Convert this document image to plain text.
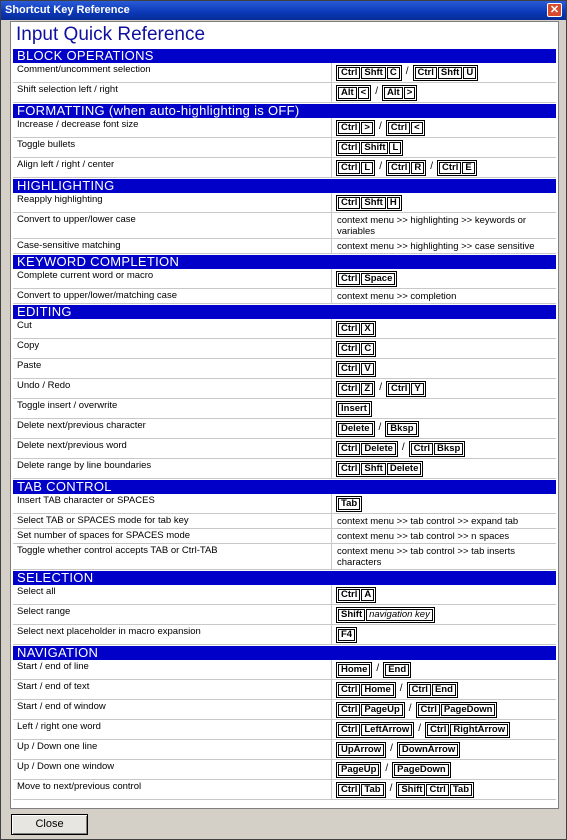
Shortcut Key Reference	✕
Input Quick Reference
BLOCK OPERATIONS
Comment/uncomment selection	Ctrl Shft C / Ctrl Shft U
Shift selection left / right	Alt < / Alt >
FORMATTING (when auto-highlighting is OFF)
Increase / decrease font size	Ctrl > / Ctrl <
Toggle bullets	Ctrl Shift L
Align left / right / center	Ctrl L / Ctrl R / Ctrl E
HIGHLIGHTING
Reapply highlighting	Ctrl Shft H
Convert to upper/lower case	context menu >> highlighting >> keywords or variables
Case-sensitive matching	context menu >> highlighting >> case sensitive
KEYWORD COMPLETION
Complete current word or macro	Ctrl Space
Convert to upper/lower/matching case	context menu >> completion
EDITING
Cut	Ctrl X
Copy	Ctrl C
Paste	Ctrl V
Undo / Redo	Ctrl Z / Ctrl Y
Toggle insert / overwrite	Insert
Delete next/previous character	Delete / Bksp
Delete next/previous word	Ctrl Delete / Ctrl Bksp
Delete range by line boundaries	Ctrl Shft Delete
TAB CONTROL
Insert TAB character or SPACES	Tab
Select TAB or SPACES mode for tab key	context menu >> tab control >> expand tab
Set number of spaces for SPACES mode	context menu >> tab control >> n spaces
Toggle whether control accepts TAB or Ctrl-TAB	context menu >> tab control >> tab inserts characters
SELECTION
Select all	Ctrl A
Select range	Shift navigation key
Select next placeholder in macro expansion	F4
NAVIGATION
Start / end of line	Home / End
Start / end of text	Ctrl Home / Ctrl End
Start / end of window	Ctrl PageUp / Ctrl PageDown
Left / right one word	Ctrl LeftArrow / Ctrl RightArrow
Up / Down one line	UpArrow / DownArrow
Up / Down one window	PageUp / PageDown
Move to next/previous control	Ctrl Tab / Shift Ctrl Tab
Close
